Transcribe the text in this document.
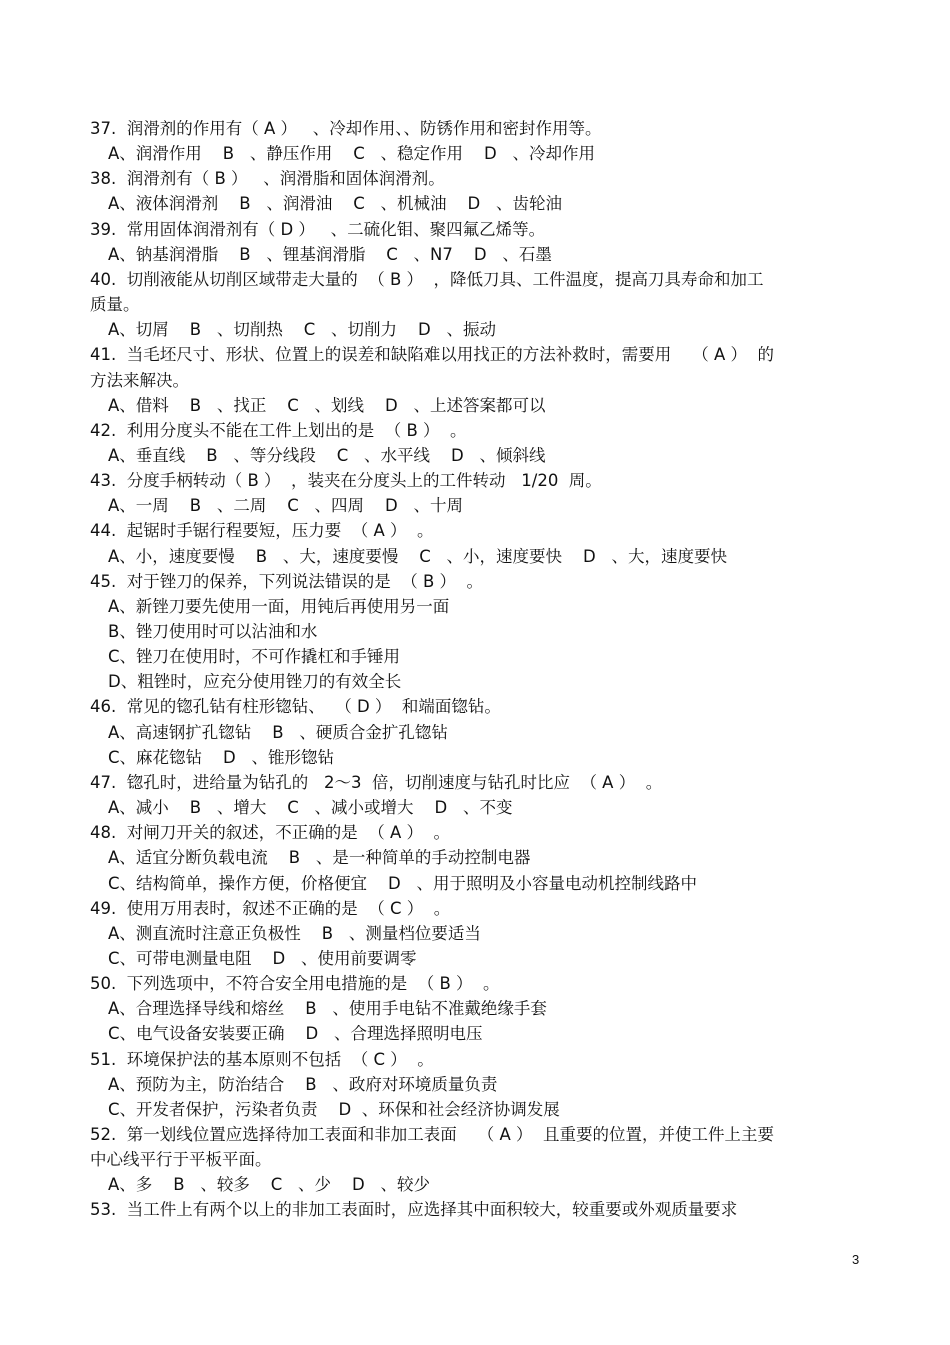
37.  润滑剂的作用有（ A ）   、冷却作用、、防锈作用和密封作用等。
A、润滑作用    B   、静压作用    C   、稳定作用    D   、冷却作用
38.  润滑剂有（ B ）   、润滑脂和固体润滑剂。
A、液体润滑剂    B   、润滑油    C   、机械油    D   、齿轮油
39.  常用固体润滑剂有（ D ）   、二硫化钼、聚四氟乙烯等。
A、钠基润滑脂    B   、锂基润滑脂    C   、N7    D   、石墨
40.  切削液能从切削区域带走大量的  （ B ）  ，降低刀具、工件温度，提高刀具寿命和加工
质量。
A、切屑    B   、切削热    C   、切削力    D   、振动
41.  当毛坯尺寸、形状、位置上的误差和缺陷难以用找正的方法补救时，需要用    （ A ）  的
方法来解决。
A、借料    B   、找正    C   、划线    D   、上述答案都可以
42.  利用分度头不能在工件上划出的是  （ B ）  。
A、垂直线    B   、等分线段    C   、水平线    D   、倾斜线
43.  分度手柄转动（ B ）  ，装夹在分度头上的工件转动   1/20  周。
A、一周    B   、二周    C   、四周    D   、十周
44.  起锯时手锯行程要短，压力要  （ A ）  。
A、小，速度要慢    B   、大，速度要慢    C   、小，速度要快    D   、大，速度要快
45.  对于锉刀的保养，下列说法错误的是  （ B ）  。
A、新锉刀要先使用一面，用钝后再使用另一面
B、锉刀使用时可以沾油和水
C、锉刀在使用时，不可作撬杠和手锤用
D、粗锉时，应充分使用锉刀的有效全长
46.  常见的锪孔钻有柱形锪钻、  （ D ）  和端面锪钻。
A、高速钢扩孔锪钻    B   、硬质合金扩孔锪钻
C、麻花锪钻    D   、锥形锪钻
47.  锪孔时，进给量为钻孔的   2～3  倍，切削速度与钻孔时比应  （ A ）  。
A、减小    B   、增大    C   、减小或增大    D   、不变
48.  对闸刀开关的叙述，不正确的是  （ A ）  。
A、适宜分断负载电流    B   、是一种简单的手动控制电器
C、结构简单，操作方便，价格便宜    D   、用于照明及小容量电动机控制线路中
49.  使用万用表时，叙述不正确的是  （ C ）  。
A、测直流时注意正负极性    B   、测量档位要适当
C、可带电测量电阻    D   、使用前要调零
50.  下列选项中，不符合安全用电措施的是  （ B ）  。
A、合理选择导线和熔丝    B   、使用手电钻不准戴绝缘手套
C、电气设备安装要正确    D   、合理选择照明电压
51.  环境保护法的基本原则不包括  （ C ）  。
A、预防为主，防治结合    B   、政府对环境质量负责
C、开发者保护，污染者负责    D  、环保和社会经济协调发展
52.  第一划线位置应选择待加工表面和非加工表面    （ A ）  且重要的位置，并使工件上主要
中心线平行于平板平面。
A、多    B   、较多    C   、少    D   、较少
53.  当工件上有两个以上的非加工表面时，应选择其中面积较大，较重要或外观质量要求
3
